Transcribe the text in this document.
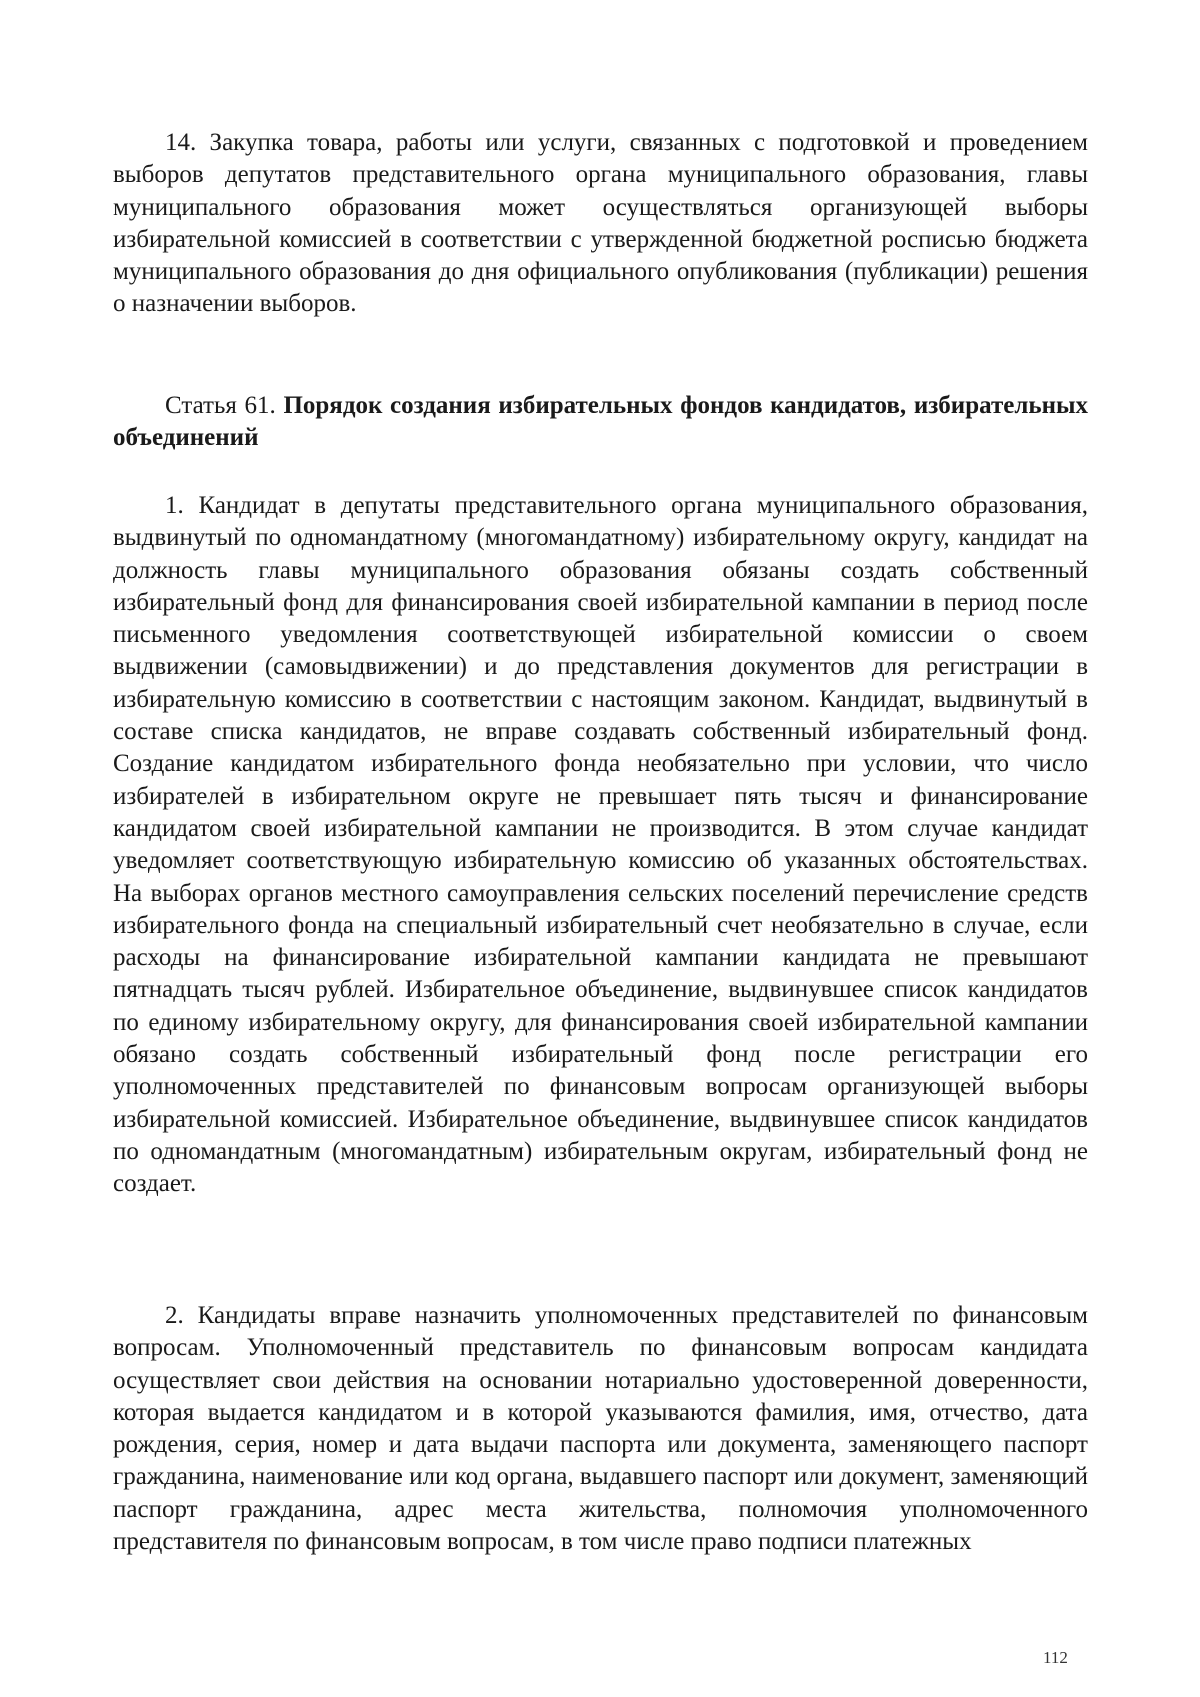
14. Закупка товара, работы или услуги, связанных с подготовкой и проведением выборов депутатов представительного органа муниципального образования, главы муниципального образования может осуществляться организующей выборы избирательной комиссией в соответствии с утвержденной бюджетной росписью бюджета муниципального образования до дня официального опубликования (публикации) решения о назначении выборов.

Статья 61. Порядок создания избирательных фондов кандидатов, избирательных объединений

1. Кандидат в депутаты представительного органа муниципального образования, выдвинутый по одномандатному (многомандатному) избирательному округу, кандидат на должность главы муниципального образования обязаны создать собственный избирательный фонд для финансирования своей избирательной кампании в период после письменного уведомления соответствующей избирательной комиссии о своем выдвижении (самовыдвижении) и до представления документов для регистрации в избирательную комиссию в соответствии с настоящим законом. Кандидат, выдвинутый в составе списка кандидатов, не вправе создавать собственный избирательный фонд. Создание кандидатом избирательного фонда необязательно при условии, что число избирателей в избирательном округе не превышает пять тысяч и финансирование кандидатом своей избирательной кампании не производится. В этом случае кандидат уведомляет соответствующую избирательную комиссию об указанных обстоятельствах. На выборах органов местного самоуправления сельских поселений перечисление средств избирательного фонда на специальный избирательный счет необязательно в случае, если расходы на финансирование избирательной кампании кандидата не превышают пятнадцать тысяч рублей. Избирательное объединение, выдвинувшее список кандидатов по единому избирательному округу, для финансирования своей избирательной кампании обязано создать собственный избирательный фонд после регистрации его уполномоченных представителей по финансовым вопросам организующей выборы избирательной комиссией. Избирательное объединение, выдвинувшее список кандидатов по одномандатным (многомандатным) избирательным округам, избирательный фонд не создает.

2. Кандидаты вправе назначить уполномоченных представителей по финансовым вопросам. Уполномоченный представитель по финансовым вопросам кандидата осуществляет свои действия на основании нотариально удостоверенной доверенности, которая выдается кандидатом и в которой указываются фамилия, имя, отчество, дата рождения, серия, номер и дата выдачи паспорта или документа, заменяющего паспорт гражданина, наименование или код органа, выдавшего паспорт или документ, заменяющий паспорт гражданина, адрес места жительства, полномочия уполномоченного представителя по финансовым вопросам, в том числе право подписи платежных

112
